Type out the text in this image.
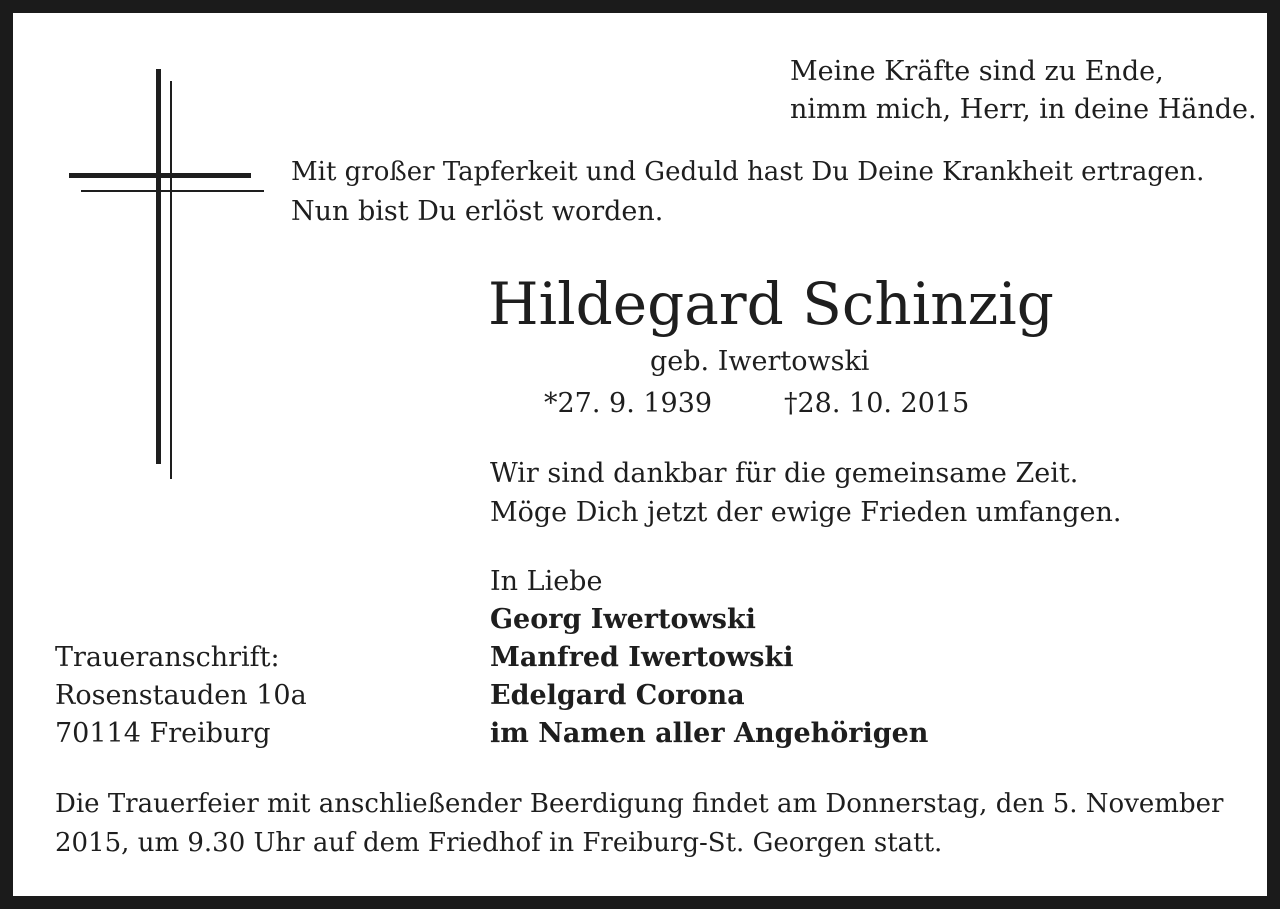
Meine Kräfte sind zu Ende,

nimm mich, Herr, in deine Hände.

Mit großer Tapferkeit und Geduld hast Du Deine Krankheit ertragen.

Nun bist Du erlöst worden.

Hildegard Schinzig

geb. Iwertowski

*27. 9. 1939	†28. 10. 2015

Wir sind dankbar für die gemeinsame Zeit.

Möge Dich jetzt der ewige Frieden umfangen.

In Liebe

Georg Iwertowski

Manfred Iwertowski

Edelgard Corona

im Namen aller Angehörigen

Traueranschrift:

Rosenstauden 10a

70114 Freiburg

Die Trauerfeier mit anschließender Beerdigung findet am Donnerstag, den 5. November

2015, um 9.30 Uhr auf dem Friedhof in Freiburg-St. Georgen statt.
